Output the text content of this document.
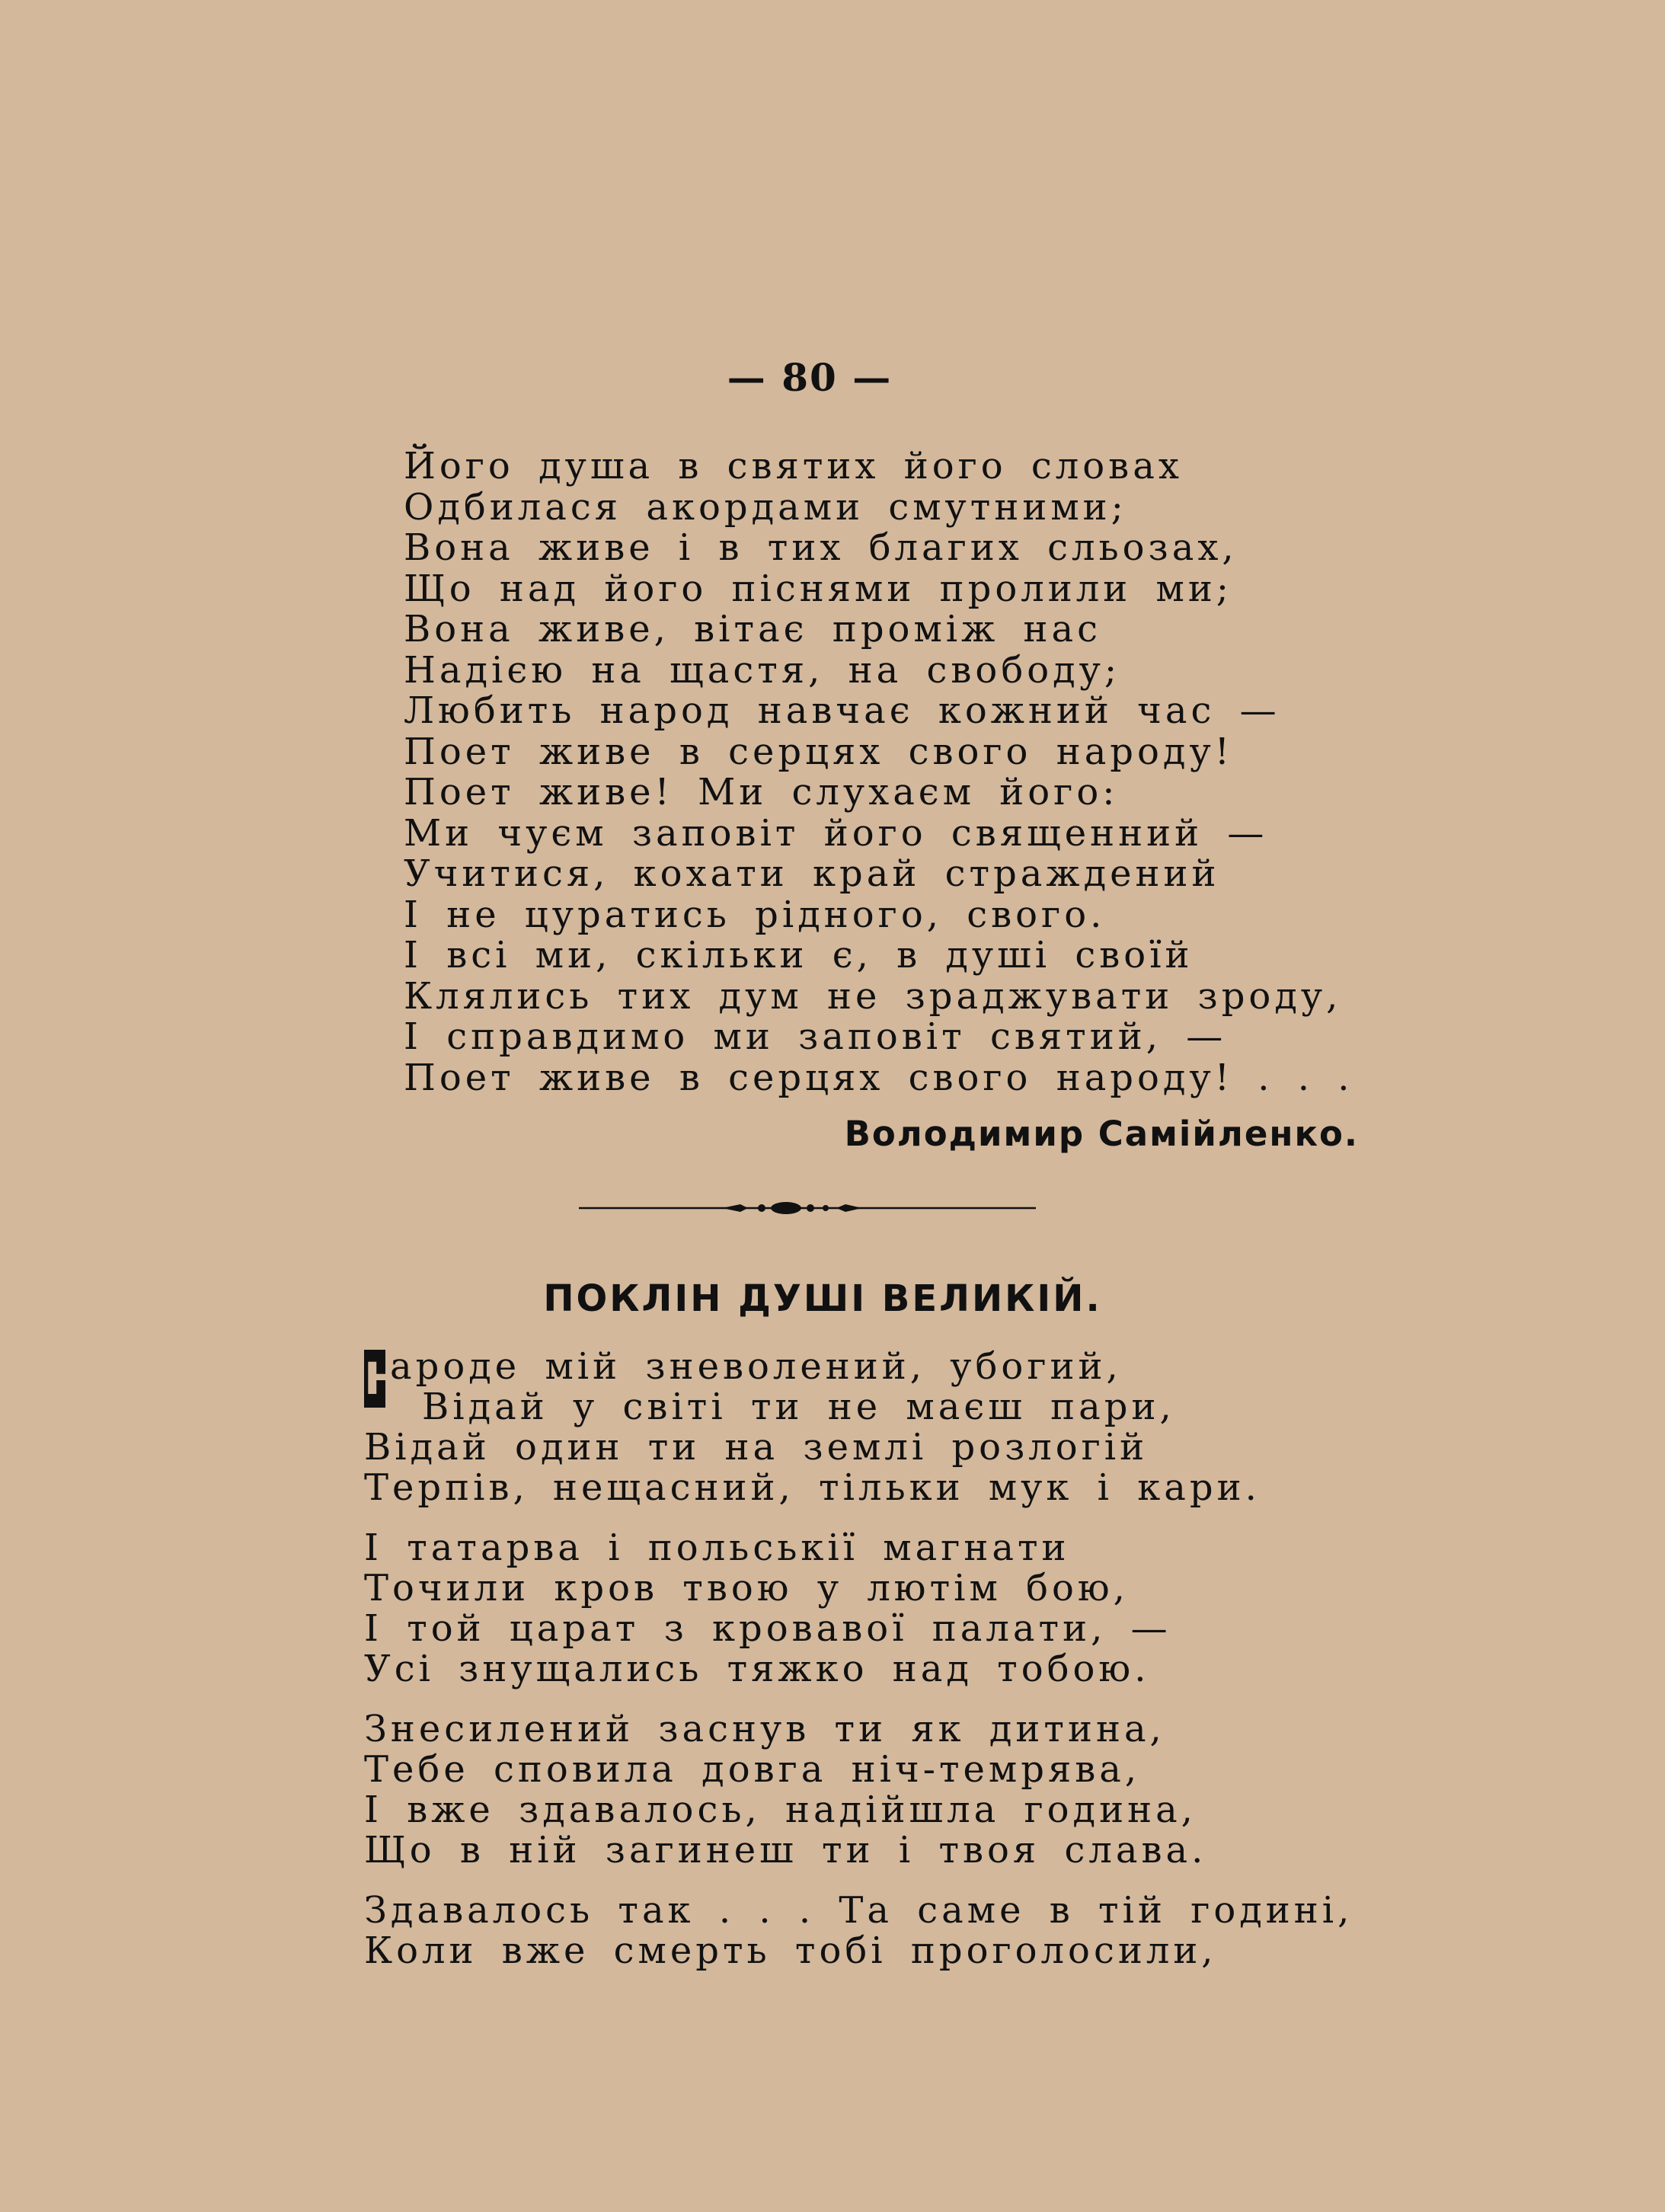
— 80 —
Його душа в святих його словах
Одбилася акордами смутними;
Вона живе і в тих благих сльозах,
Що над його піснями пролили ми;
Вона живе, вітає проміж нас
Надією на щастя, на свободу;
Любить народ навчає кожний час —
Поет живе в серцях свого народу!
Поет живе! Ми слухаєм його:
Ми чуєм заповіт його священний —
Учитися, кохати край страждений
І не цуратись рідного, свого.
І всі ми, скільки є, в душі своїй
Клялись тих дум не зраджувати зроду,
І справдимо ми заповіт святий, —
Поет живе в серцях свого народу! . . .
Володимир Самійленко.
ПОКЛІН ДУШІ ВЕЛИКІЙ.
Народе мій зневолений, убогий,
Відай у світі ти не маєш пари,
Відай один ти на землі розлогій
Терпів, нещасний, тільки мук і кари.
І татарва і польськії магнати
Точили кров твою у лютім бою,
І той царат з кровавої палати, —
Усі знущались тяжко над тобою.
Знесилений заснув ти як дитина,
Тебе сповила довга ніч-темрява,
І вже здавалось, надійшла година,
Що в ній загинеш ти і твоя слава.
Здавалось так . . . Та саме в тій годині,
Коли вже смерть тобі проголосили,
